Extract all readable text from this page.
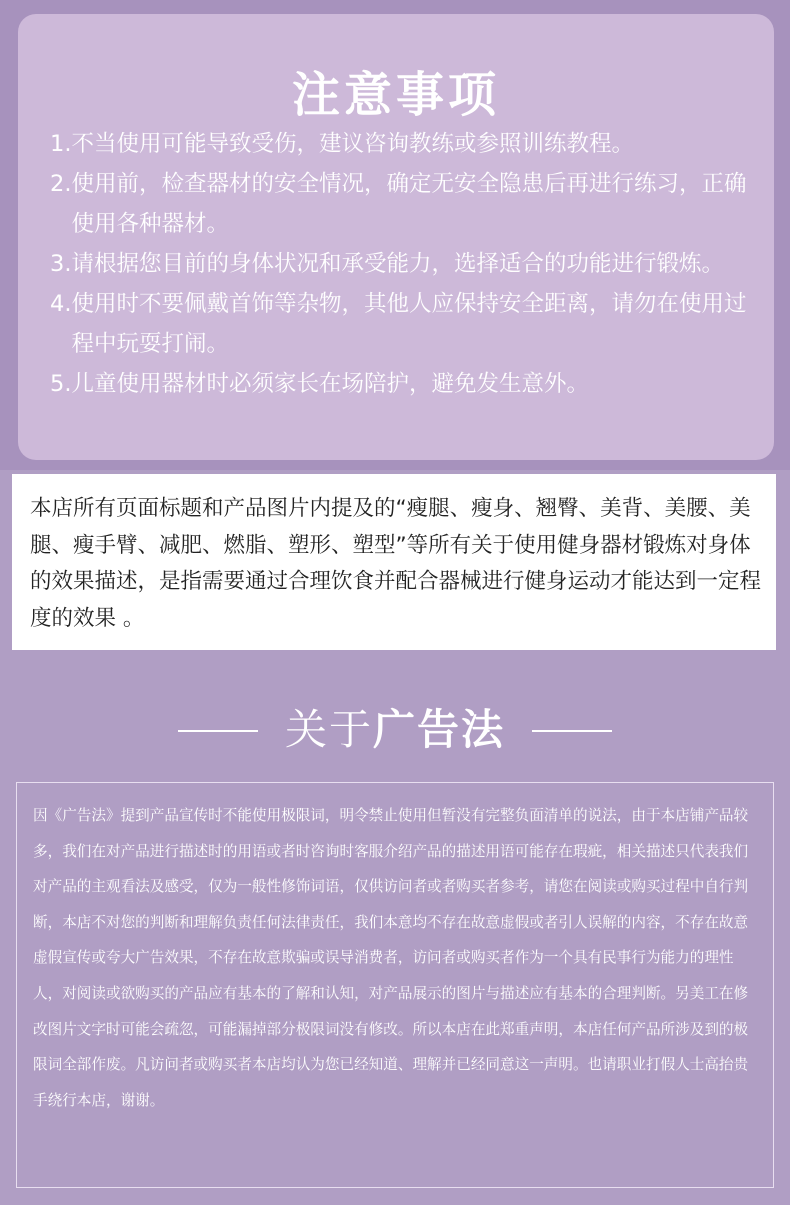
注意事项
1. 不当使用可能导致受伤，建议咨询教练或参照训练教程。
2. 使用前，检查器材的安全情况，确定无安全隐患后再进行练习，正确使用各种器材。
3. 请根据您目前的身体状况和承受能力，选择适合的功能进行锻炼。
4. 使用时不要佩戴首饰等杂物，其他人应保持安全距离，请勿在使用过程中玩耍打闹。
5. 儿童使用器材时必须家长在场陪护，避免发生意外。
本店所有页面标题和产品图片内提及的“瘦腿、瘦身、翘臀、美背、美腰、美腿、瘦手臂、减肥、燃脂、塑形、塑型”等所有关于使用健身器材锻炼对身体的效果描述，是指需要通过合理饮食并配合器械进行健身运动才能达到一定程度的效果 。
关于广告法
因《广告法》提到产品宣传时不能使用极限词，明令禁止使用但暂没有完整负面清单的说法，由于本店铺产品较多，我们在对产品进行描述时的用语或者时咨询时客服介绍产品的描述用语可能存在瑕疵，相关描述只代表我们对产品的主观看法及感受，仅为一般性修饰词语，仅供访问者或者购买者参考，请您在阅读或购买过程中自行判断，本店不对您的判断和理解负责任何法律责任，我们本意均不存在故意虚假或者引人误解的内容，不存在故意虚假宣传或夸大广告效果，不存在故意欺骗或误导消费者，访问者或购买者作为一个具有民事行为能力的理性人，对阅读或欲购买的产品应有基本的了解和认知，对产品展示的图片与描述应有基本的合理判断。另美工在修改图片文字时可能会疏忽，可能漏掉部分极限词没有修改。所以本店在此郑重声明，本店任何产品所涉及到的极限词全部作废。凡访问者或购买者本店均认为您已经知道、理解并已经同意这一声明。也请职业打假人士高抬贵手绕行本店，谢谢。
